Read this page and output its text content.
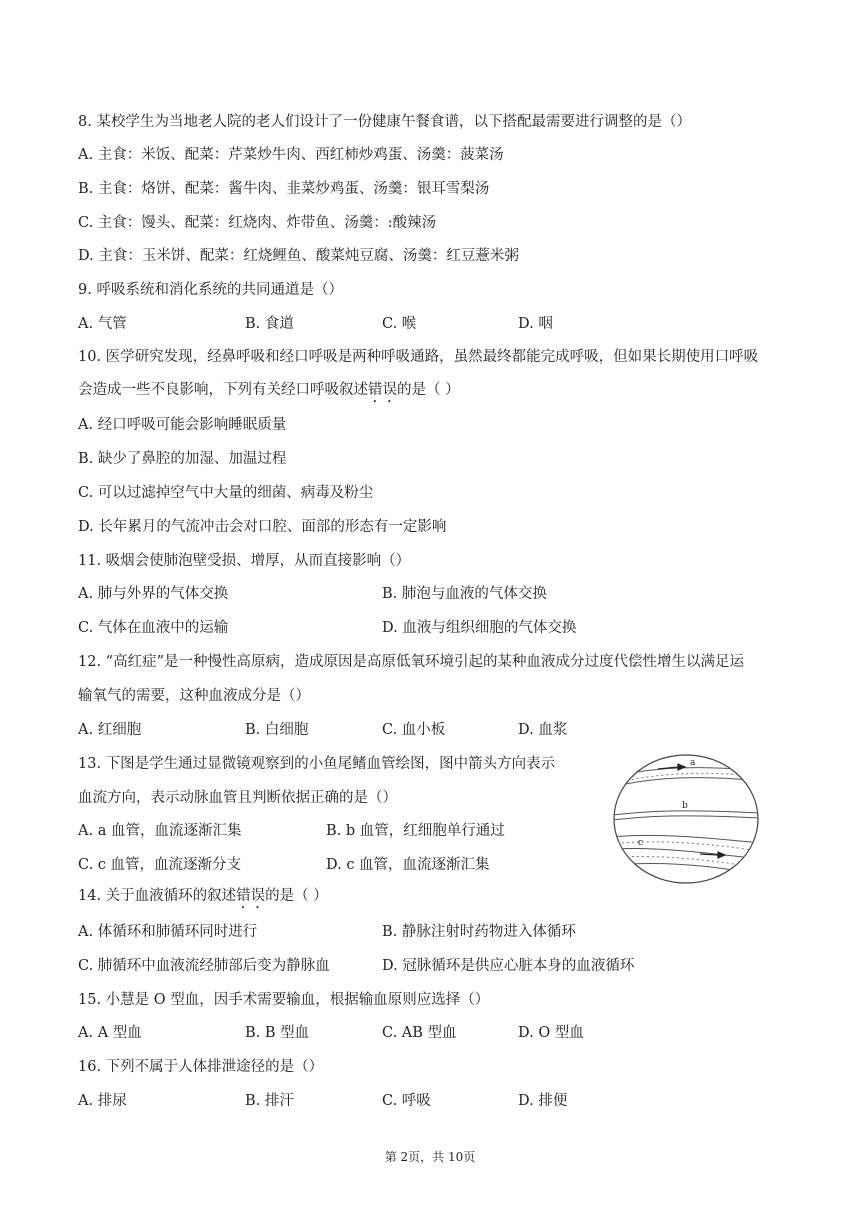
8. 某校学生为当地老人院的老人们设计了一份健康午餐食谱，以下搭配最需要进行调整的是（）
A. 主食：米饭、配菜：芹菜炒牛肉、西红柿炒鸡蛋、汤羹：菠菜汤
B. 主食：烙饼、配菜：酱牛肉、韭菜炒鸡蛋、汤羹：银耳雪梨汤
C. 主食：馒头、配菜：红烧肉、炸带鱼、汤羹：:酸辣汤
D. 主食：玉米饼、配菜：红烧鲤鱼、酸菜炖豆腐、汤羹：红豆薏米粥
9. 呼吸系统和消化系统的共同通道是（）
A. 气管	B. 食道	C. 喉	D. 咽
10. 医学研究发现，经鼻呼吸和经口呼吸是两种呼吸通路，虽然最终都能完成呼吸，但如果长期使用口呼吸
会造成一些不良影响，下列有关经口呼吸叙述错误的是（ ）
A. 经口呼吸可能会影响睡眠质量
B. 缺少了鼻腔的加湿、加温过程
C. 可以过滤掉空气中大量的细菌、病毒及粉尘
D. 长年累月的气流冲击会对口腔、面部的形态有一定影响
11. 吸烟会使肺泡壁受损、增厚，从而直接影响（）
A. 肺与外界的气体交换	B. 肺泡与血液的气体交换
C. 气体在血液中的运输	D. 血液与组织细胞的气体交换
12. “高红症”是一种慢性高原病，造成原因是高原低氧环境引起的某种血液成分过度代偿性增生以满足运
输氧气的需要，这种血液成分是（）
A. 红细胞	B. 白细胞	C. 血小板	D. 血浆
13. 下图是学生通过显微镜观察到的小鱼尾鳍血管绘图，图中箭头方向表示
血流方向，表示动脉血管且判断依据正确的是（）
A. a 血管，血流逐渐汇集	B. b 血管，红细胞单行通过
C. c 血管，血流逐渐分支	D. c 血管，血流逐渐汇集
a
b
c
14. 关于血液循环的叙述错误的是（ ）
A. 体循环和肺循环同时进行	B. 静脉注射时药物进入体循环
C. 肺循环中血液流经肺部后变为静脉血	D. 冠脉循环是供应心脏本身的血液循环
15. 小慧是 O 型血，因手术需要输血，根据输血原则应选择（）
A. A 型血	B. B 型血	C. AB 型血	D. O 型血
16. 下列不属于人体排泄途径的是（）
A. 排尿	B. 排汗	C. 呼吸	D. 排便
第 2页，共 10页
